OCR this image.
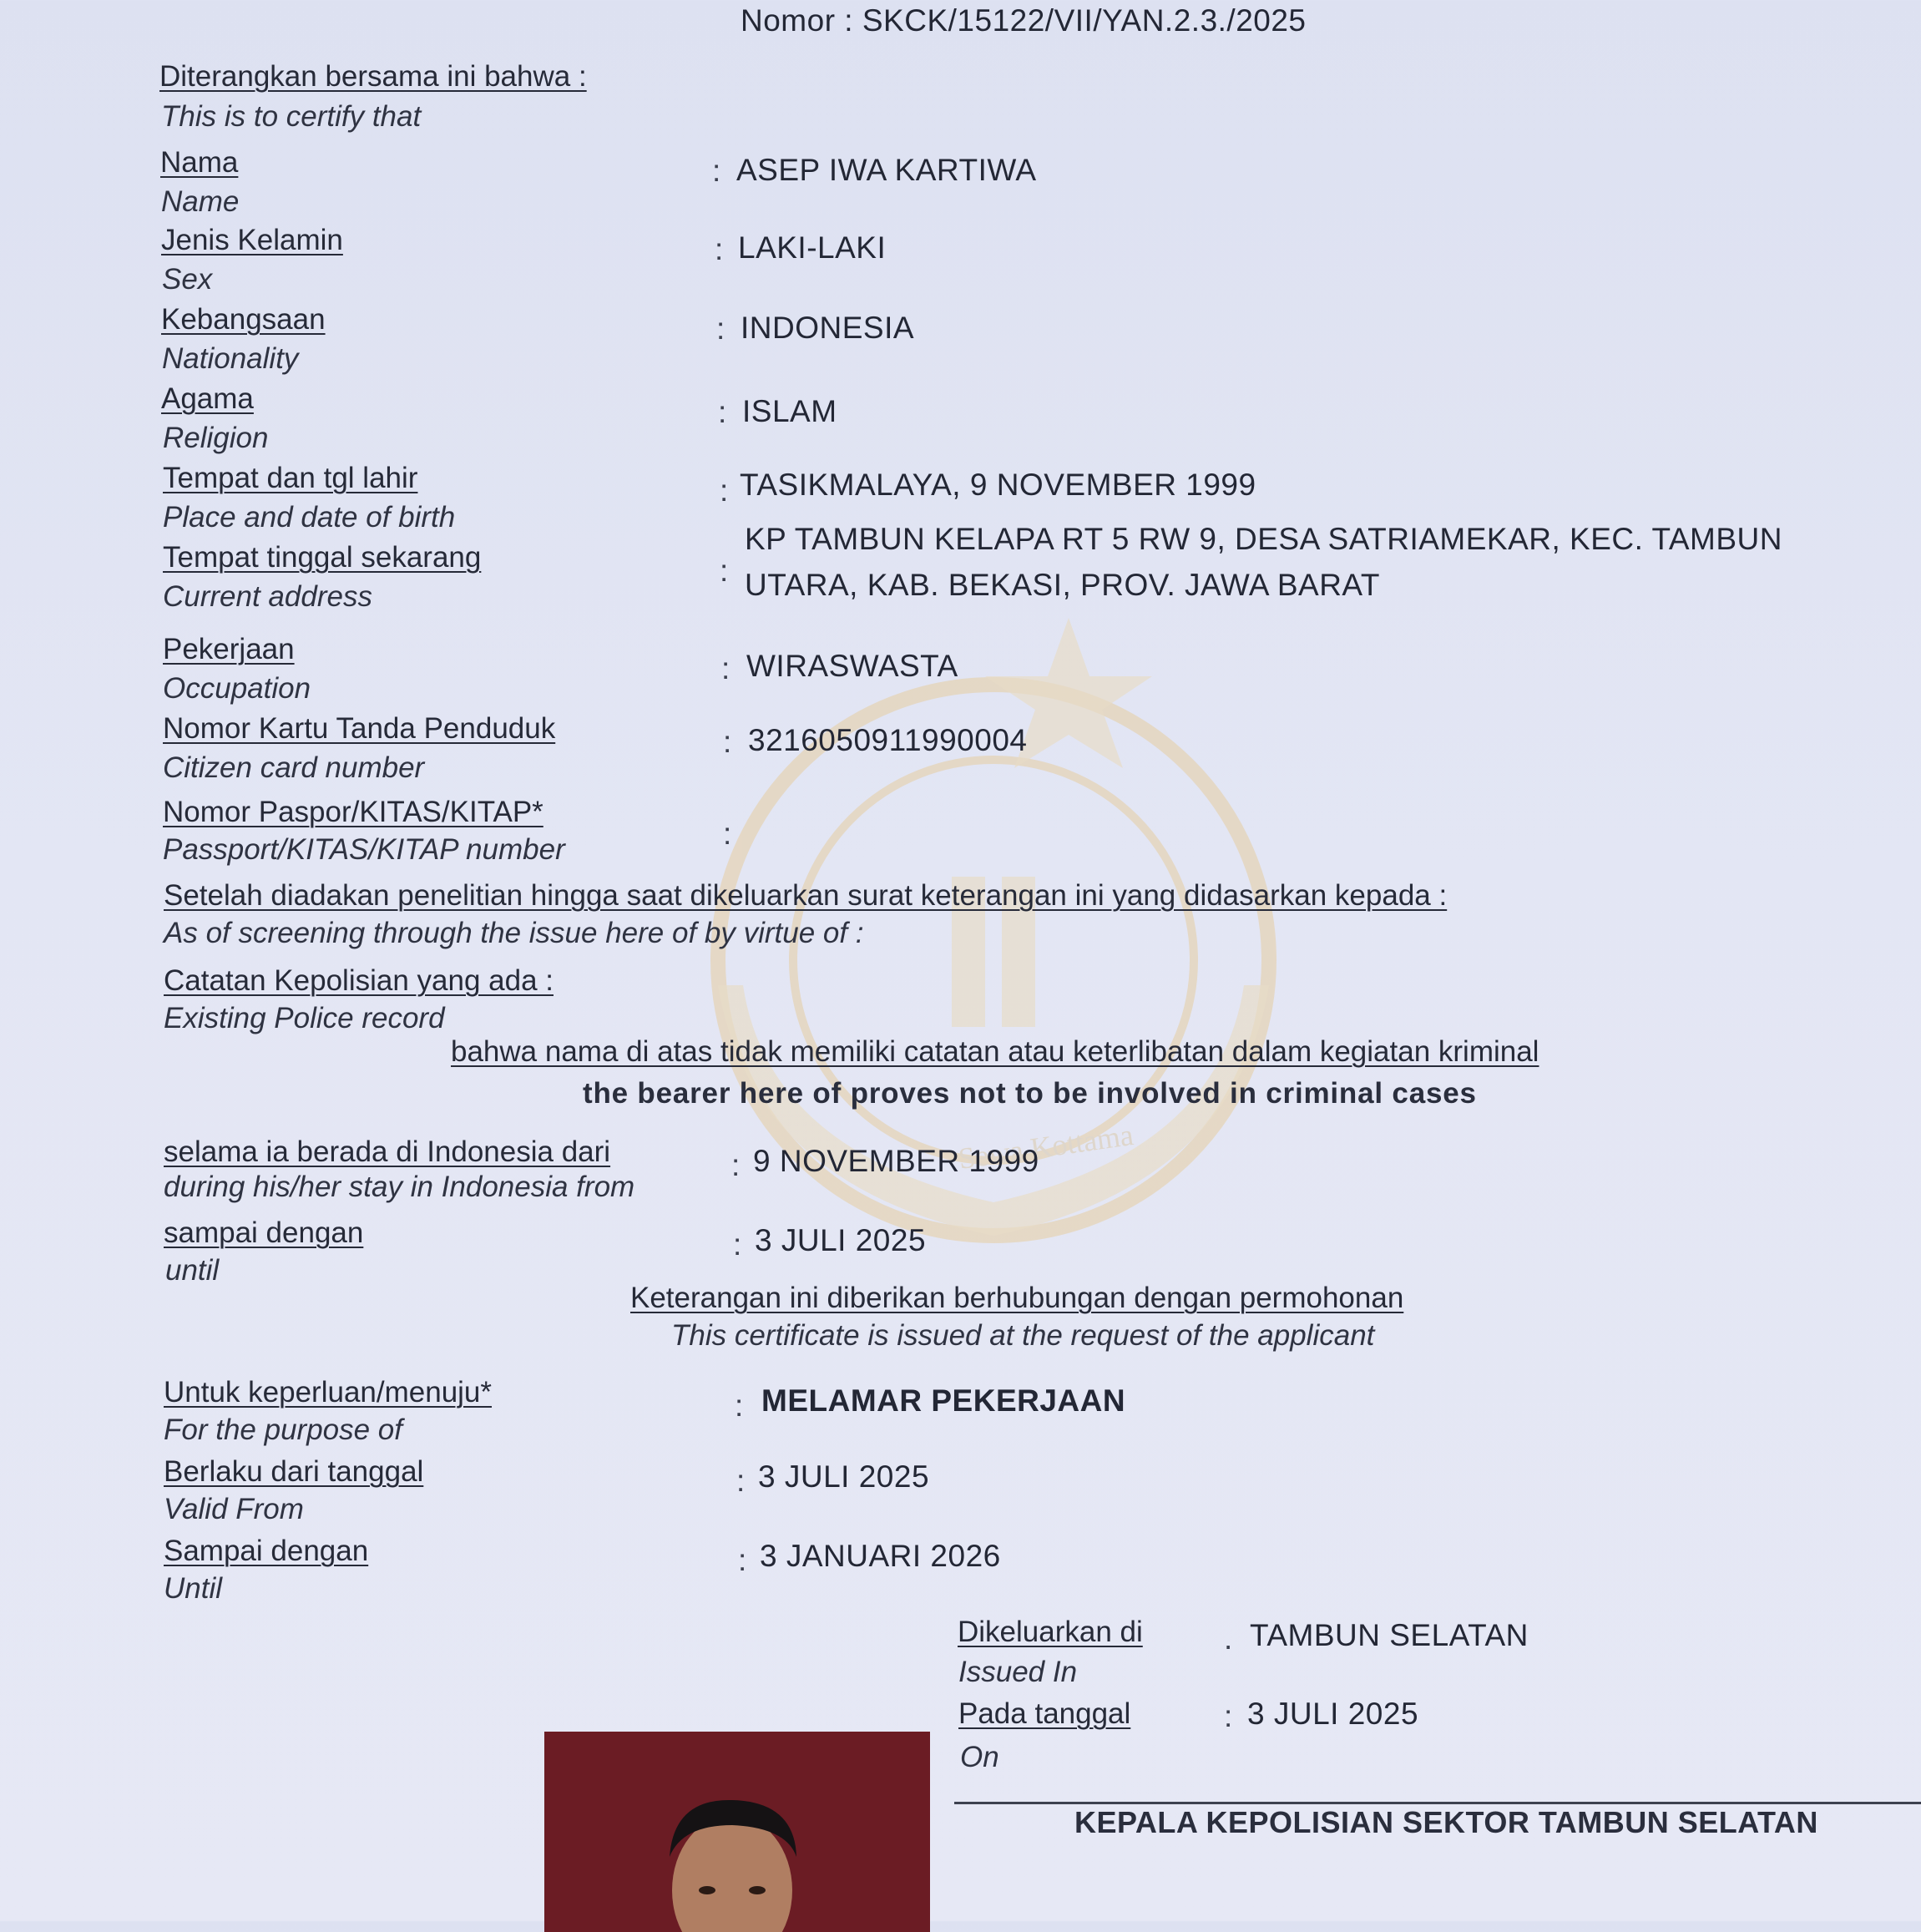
Sewa Kottama
Nomor : SKCK/15122/VII/YAN.2.3./2025
Diterangkan bersama ini bahwa :
This is to certify that
Nama
Name
: ASEP IWA KARTIWA
Jenis Kelamin
Sex
: LAKI-LAKI
Kebangsaan
Nationality
: INDONESIA
Agama
Religion
: ISLAM
Tempat dan tgl lahir
Place and date of birth
: TASIKMALAYA, 9 NOVEMBER 1999
Tempat tinggal sekarang
Current address
:
KP TAMBUN KELAPA RT 5 RW 9, DESA SATRIAMEKAR, KEC. TAMBUN
UTARA, KAB. BEKASI, PROV. JAWA BARAT
Pekerjaan
Occupation
: WIRASWASTA
Nomor Kartu Tanda Penduduk
Citizen card number
: 3216050911990004
Nomor Paspor/KITAS/KITAP*
Passport/KITAS/KITAP number	:
Setelah diadakan penelitian hingga saat dikeluarkan surat keterangan ini yang didasarkan kepada :
As of screening through the issue here of by virtue of :
Catatan Kepolisian yang ada :
Existing Police record
bahwa nama di atas tidak memiliki catatan atau keterlibatan dalam kegiatan kriminal
the bearer here of proves not to be involved in criminal cases
selama ia berada di Indonesia dari
during his/her stay in Indonesia from
: 9 NOVEMBER 1999
sampai dengan
until
: 3 JULI 2025
Keterangan ini diberikan berhubungan dengan permohonan
This certificate is issued at the request of the applicant
Untuk keperluan/menuju*
For the purpose of
: MELAMAR PEKERJAAN
Berlaku dari tanggal
Valid From
: 3 JULI 2025
Sampai dengan
Until
: 3 JANUARI 2026
Dikeluarkan di
Issued In
. TAMBUN SELATAN
Pada tanggal
On
: 3 JULI 2025
KEPALA KEPOLISIAN SEKTOR TAMBUN SELATAN
